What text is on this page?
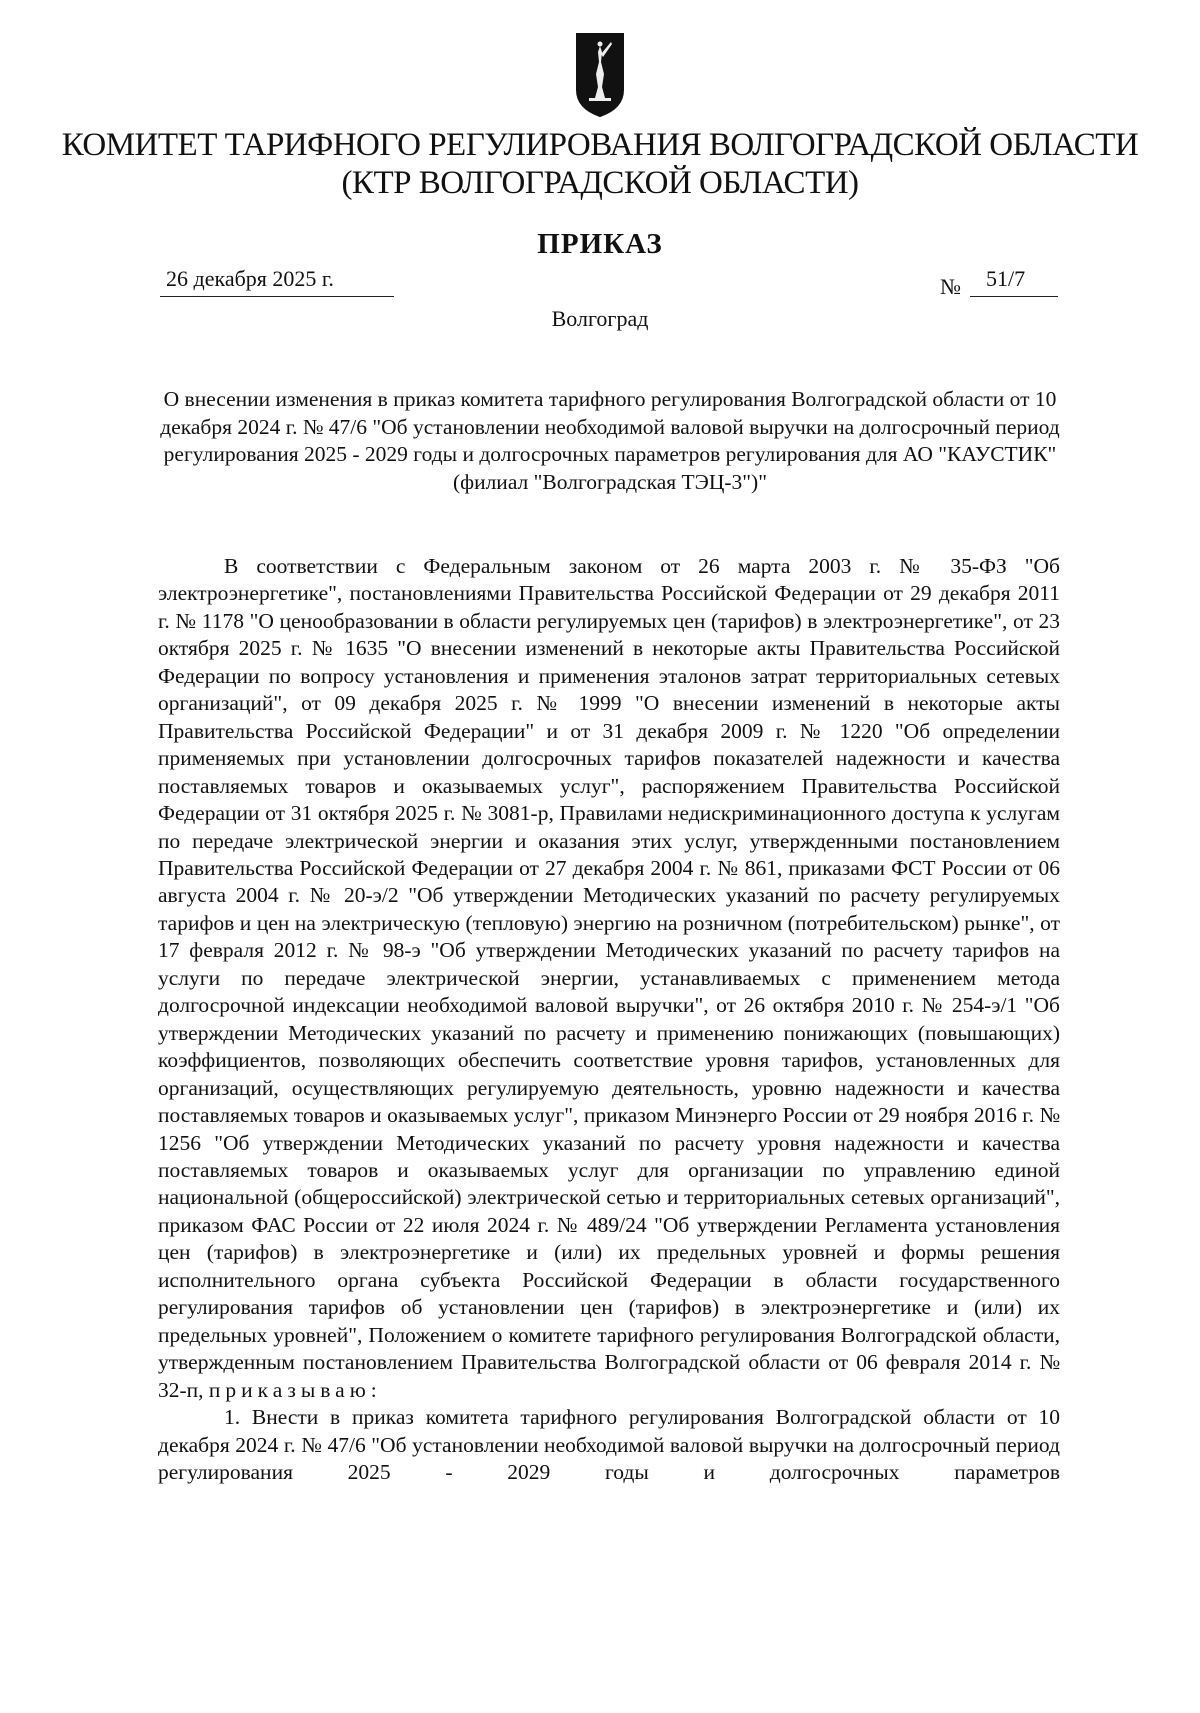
КОМИТЕТ ТАРИФНОГО РЕГУЛИРОВАНИЯ ВОЛГОГРАДСКОЙ ОБЛАСТИ
(КТР ВОЛГОГРАДСКОЙ ОБЛАСТИ)
ПРИКАЗ
26 декабря 2025 г.	№	51/7
Волгоград
О внесении изменения в приказ комитета тарифного регулирования Волгоградской области от 10 декабря 2024 г. № 47/6 "Об установлении необходимой валовой выручки на долгосрочный период регулирования 2025 - 2029 годы и долгосрочных параметров регулирования для АО "КАУСТИК" (филиал "Волгоградская ТЭЦ-3")"

В соответствии с Федеральным законом от 26 марта 2003 г. № 35-ФЗ "Об электроэнергетике", постановлениями Правительства Российской Федерации от 29 декабря 2011 г. № 1178 "О ценообразовании в области регулируемых цен (тарифов) в электроэнергетике", от 23 октября 2025 г. № 1635 "О внесении изменений в некоторые акты Правительства Российской Федерации по вопросу установления и применения эталонов затрат территориальных сетевых организаций", от 09 декабря 2025 г. № 1999 "О внесении изменений в некоторые акты Правительства Российской Федерации" и от 31 декабря 2009 г. № 1220 "Об определении применяемых при установлении долгосрочных тарифов показателей надежности и качества поставляемых товаров и оказываемых услуг", распоряжением Правительства Российской Федерации от 31 октября 2025 г. № 3081-р, Правилами недискриминационного доступа к услугам по передаче электрической энергии и оказания этих услуг, утвержденными постановлением Правительства Российской Федерации от 27 декабря 2004 г. № 861, приказами ФСТ России от 06 августа 2004 г. № 20-э/2 "Об утверждении Методических указаний по расчету регулируемых тарифов и цен на электрическую (тепловую) энергию на розничном (потребительском) рынке", от 17 февраля 2012 г. № 98-э "Об утверждении Методических указаний по расчету тарифов на услуги по передаче электрической энергии, устанавливаемых с применением метода долгосрочной индексации необходимой валовой выручки", от 26 октября 2010 г. № 254-э/1 "Об утверждении Методических указаний по расчету и применению понижающих (повышающих) коэффициентов, позволяющих обеспечить соответствие уровня тарифов, установленных для организаций, осуществляющих регулируемую деятельность, уровню надежности и качества поставляемых товаров и оказываемых услуг", приказом Минэнерго России от 29 ноября 2016 г. № 1256 "Об утверждении Методических указаний по расчету уровня надежности и качества поставляемых товаров и оказываемых услуг для организации по управлению единой национальной (общероссийской) электрической сетью и территориальных сетевых организаций", приказом ФАС России от 22 июля 2024 г. № 489/24 "Об утверждении Регламента установления цен (тарифов) в электроэнергетике и (или) их предельных уровней и формы решения исполнительного органа субъекта Российской Федерации в области государственного регулирования тарифов об установлении цен (тарифов) в электроэнергетике и (или) их предельных уровней", Положением о комитете тарифного регулирования Волгоградской области, утвержденным постановлением Правительства Волгоградской области от 06 февраля 2014 г. № 32-п, приказываю:

1. Внести в приказ комитета тарифного регулирования Волгоградской области от 10 декабря 2024 г. № 47/6 "Об установлении необходимой валовой выручки на долгосрочный период регулирования 2025 - 2029 годы и долгосрочных параметров
